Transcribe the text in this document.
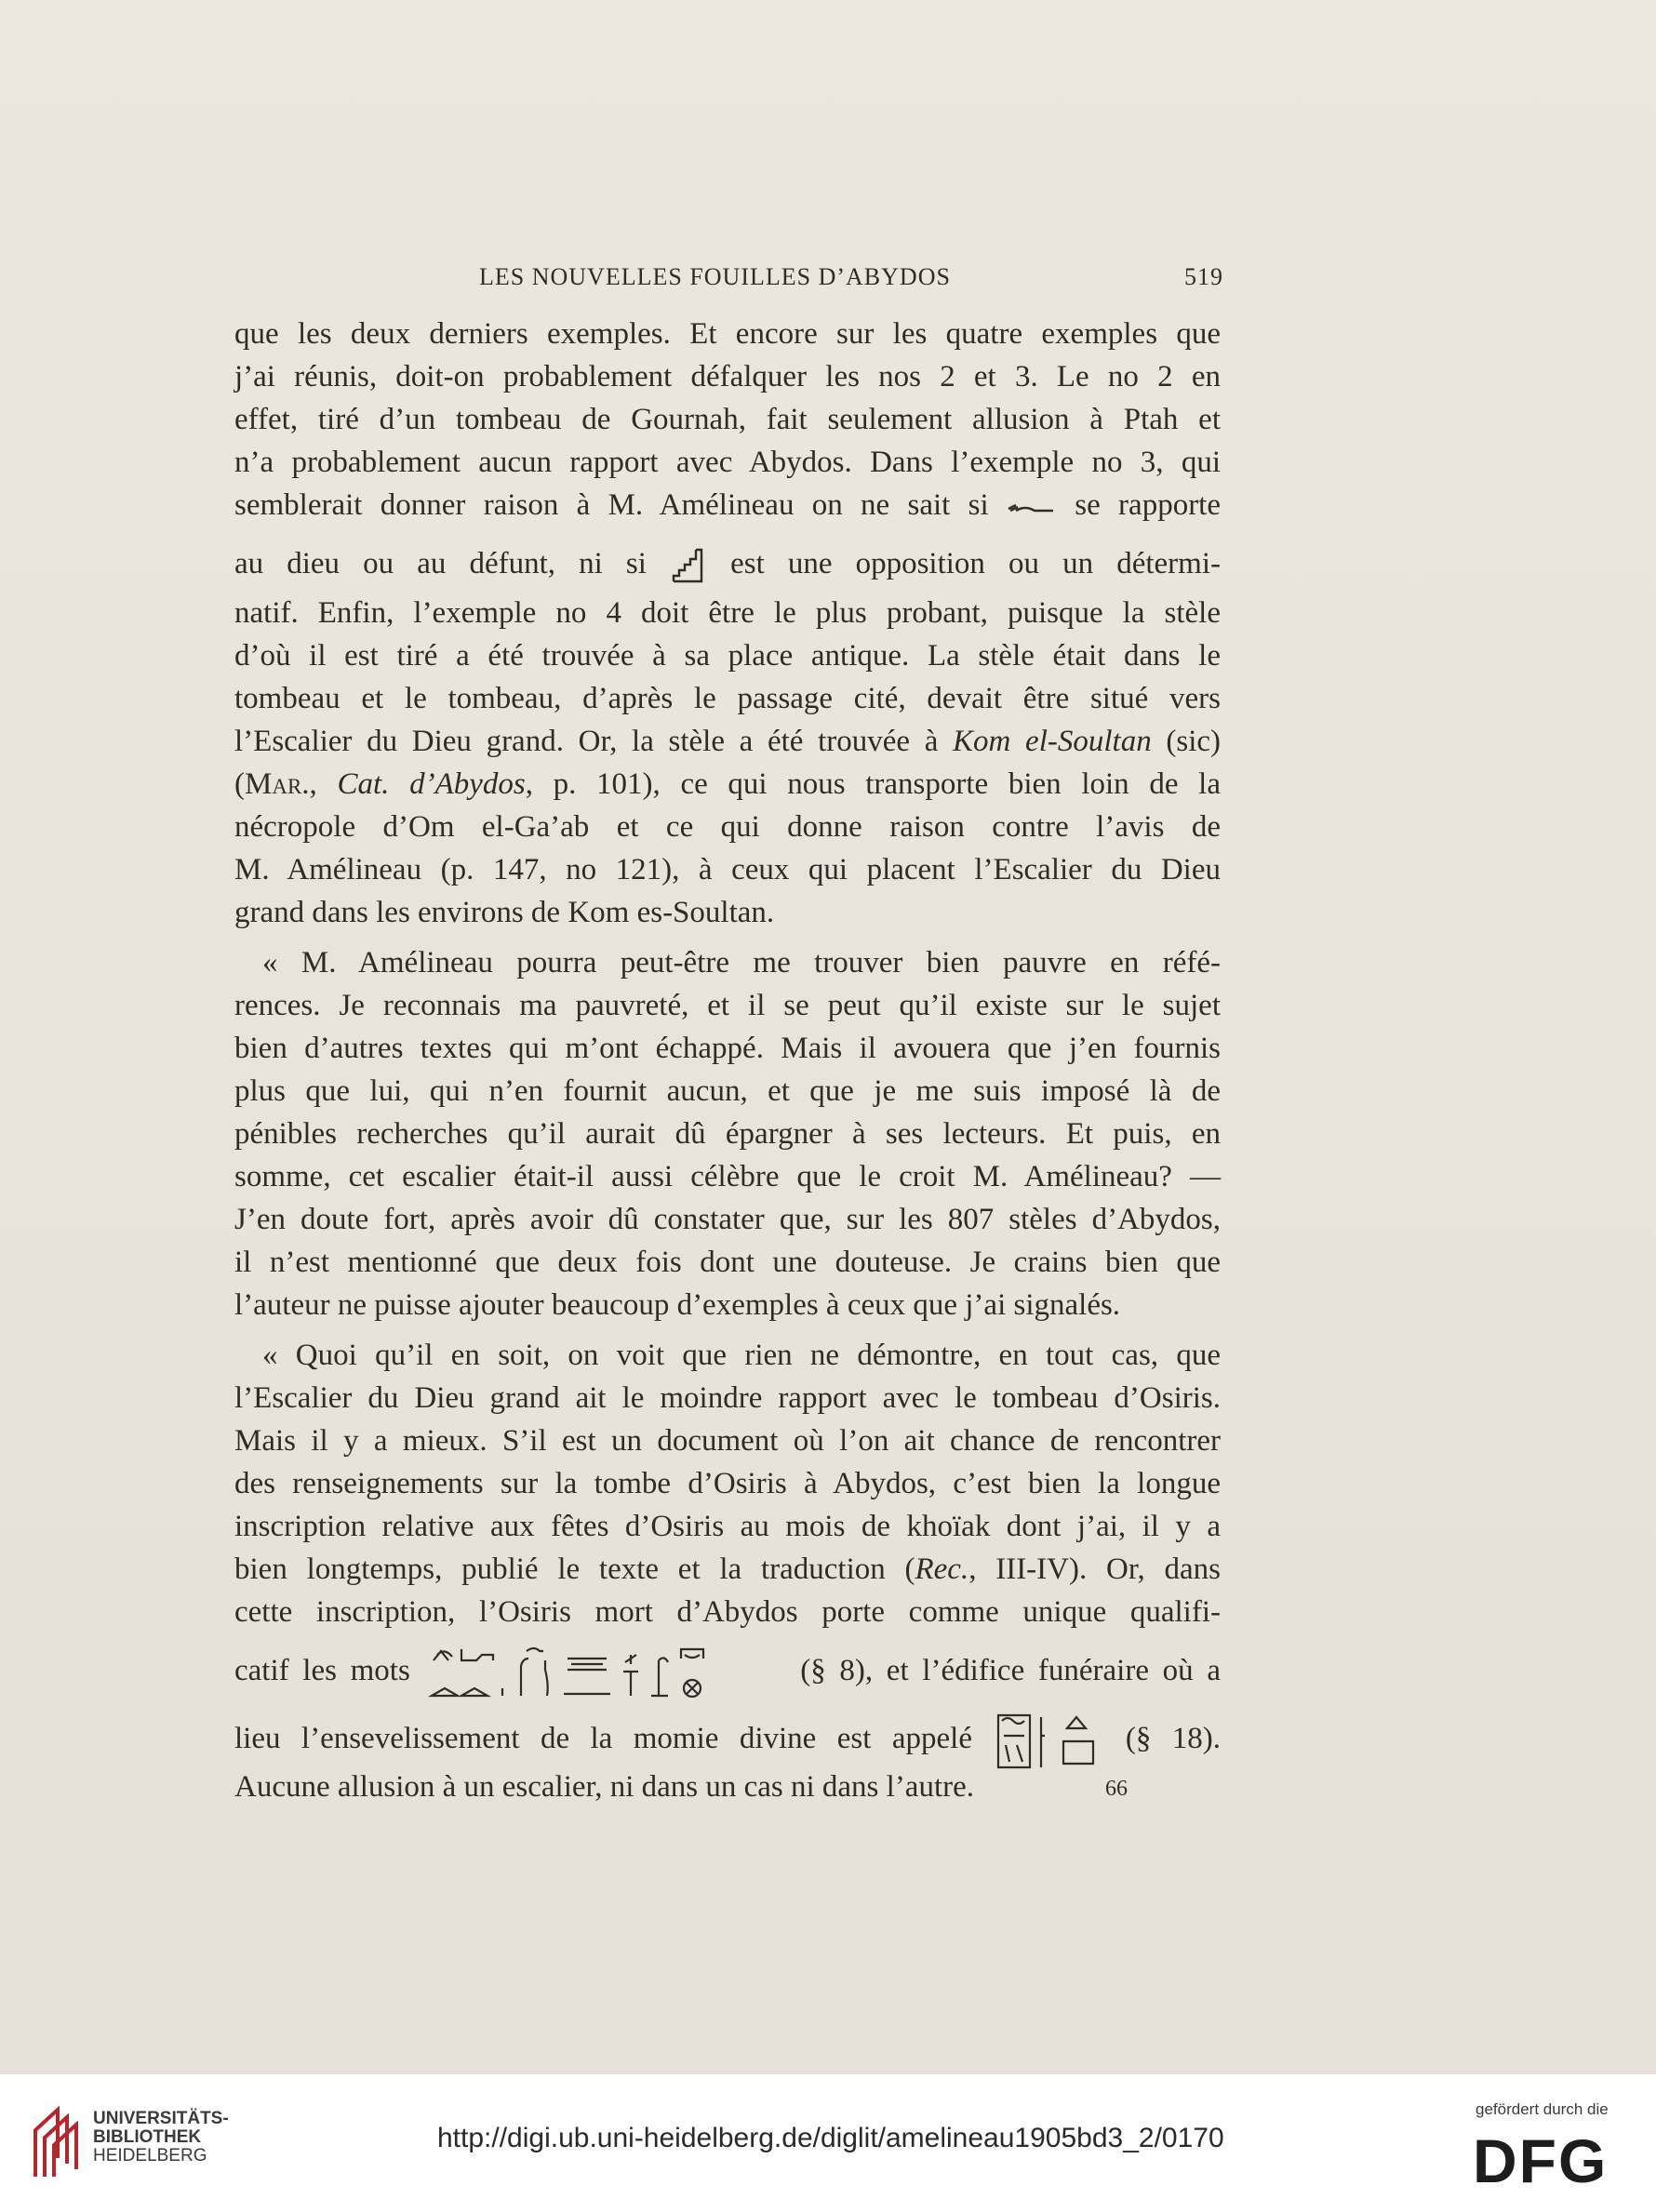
LES NOUVELLES FOUILLES D’ABYDOS	519
que les deux derniers exemples. Et encore sur les quatre exemples que
j’ai réunis, doit-on probablement défalquer les nos 2 et 3. Le no 2 en
effet, tiré d’un tombeau de Gournah, fait seulement allusion à Ptah et
n’a probablement aucun rapport avec Abydos. Dans l’exemple no 3, qui
semblerait donner raison à M. Amélineau on ne sait si	se rapporte
au dieu ou au défunt, ni si	est une opposition ou un détermi-
natif. Enfin, l’exemple no 4 doit être le plus probant, puisque la stèle
d’où il est tiré a été trouvée à sa place antique. La stèle était dans le
tombeau et le tombeau, d’après le passage cité, devait être situé vers
l’Escalier du Dieu grand. Or, la stèle a été trouvée à Kom el-Soultan (sic)
(Mar., Cat. d’Abydos, p. 101), ce qui nous transporte bien loin de la
nécropole d’Om el-Ga’ab et ce qui donne raison contre l’avis de
M. Amélineau (p. 147, no 121), à ceux qui placent l’Escalier du Dieu
grand dans les environs de Kom es-Soultan.
« M. Amélineau pourra peut-être me trouver bien pauvre en réfé-
rences. Je reconnais ma pauvreté, et il se peut qu’il existe sur le sujet
bien d’autres textes qui m’ont échappé. Mais il avouera que j’en fournis
plus que lui, qui n’en fournit aucun, et que je me suis imposé là de
pénibles recherches qu’il aurait dû épargner à ses lecteurs. Et puis, en
somme, cet escalier était-il aussi célèbre que le croit M. Amélineau? —
J’en doute fort, après avoir dû constater que, sur les 807 stèles d’Abydos,
il n’est mentionné que deux fois dont une douteuse. Je crains bien que
l’auteur ne puisse ajouter beaucoup d’exemples à ceux que j’ai signalés.
« Quoi qu’il en soit, on voit que rien ne démontre, en tout cas, que
l’Escalier du Dieu grand ait le moindre rapport avec le tombeau d’Osiris.
Mais il y a mieux. S’il est un document où l’on ait chance de rencontrer
des renseignements sur la tombe d’Osiris à Abydos, c’est bien la longue
inscription relative aux fêtes d’Osiris au mois de khoïak dont j’ai, il y a
bien longtemps, publié le texte et la traduction (Rec., III-IV). Or, dans
cette inscription, l’Osiris mort d’Abydos porte comme unique qualifi-
catif les mots	(§ 8), et l’édifice funéraire où a
lieu l’ensevelissement de la momie divine est appelé	(§ 18).
Aucune allusion à un escalier, ni dans un cas ni dans l’autre.	66
UNIVERSITÄTS-
BIBLIOTHEK
HEIDELBERG
http://digi.ub.uni-heidelberg.de/diglit/amelineau1905bd3_2/0170
gefördert durch die
DFG
